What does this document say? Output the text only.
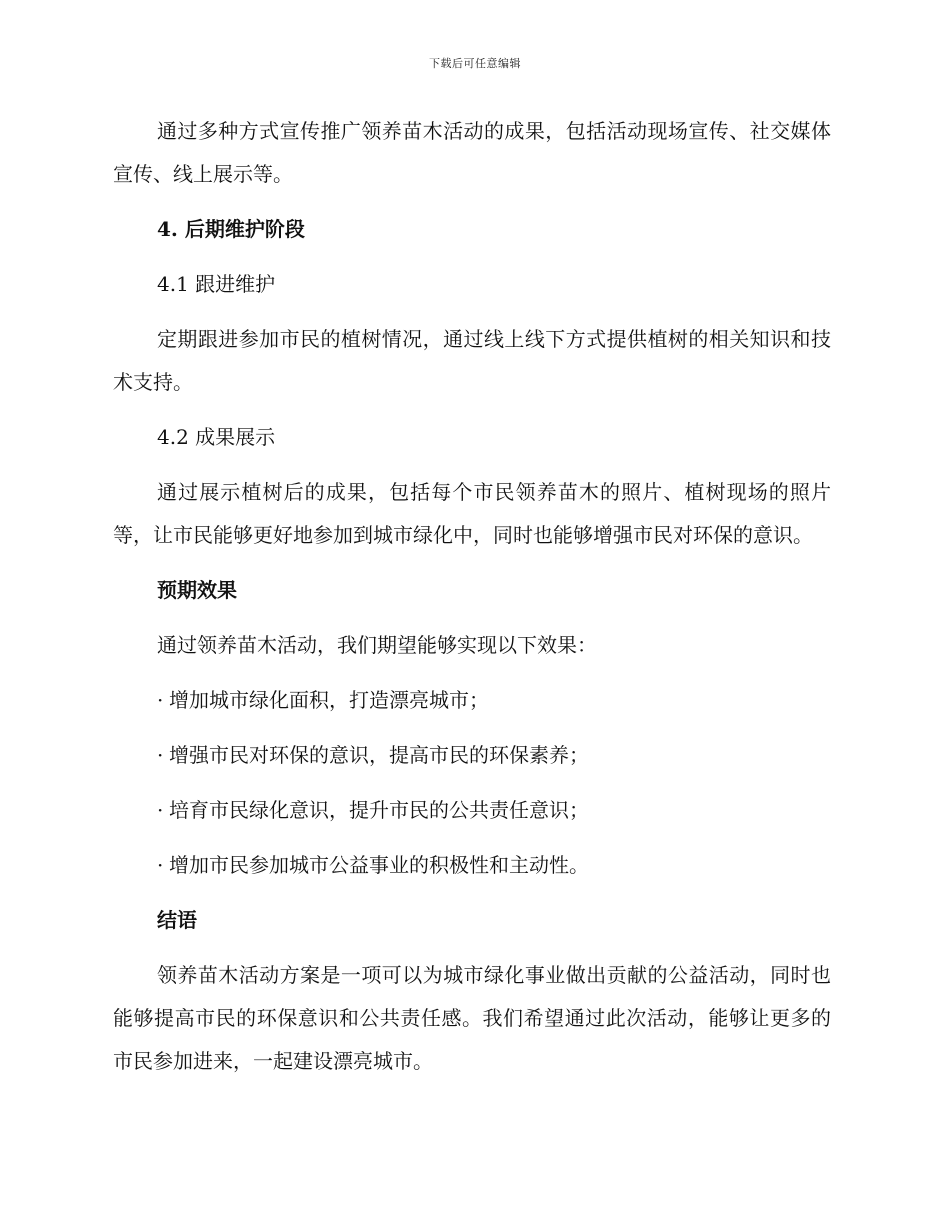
下载后可任意编辑

通过多种方式宣传推广领养苗木活动的成果，包括活动现场宣传、社交媒体宣传、线上展示等。

4. 后期维护阶段
4.1 跟进维护

定期跟进参加市民的植树情况，通过线上线下方式提供植树的相关知识和技术支持。

4.2 成果展示

通过展示植树后的成果，包括每个市民领养苗木的照片、植树现场的照片等，让市民能够更好地参加到城市绿化中，同时也能够增强市民对环保的意识。

预期效果

通过领养苗木活动，我们期望能够实现以下效果：

· 增加城市绿化面积，打造漂亮城市；
· 增强市民对环保的意识，提高市民的环保素养；
· 培育市民绿化意识，提升市民的公共责任意识；
· 增加市民参加城市公益事业的积极性和主动性。
结语

领养苗木活动方案是一项可以为城市绿化事业做出贡献的公益活动，同时也能够提高市民的环保意识和公共责任感。我们希望通过此次活动，能够让更多的市民参加进来，一起建设漂亮城市。
